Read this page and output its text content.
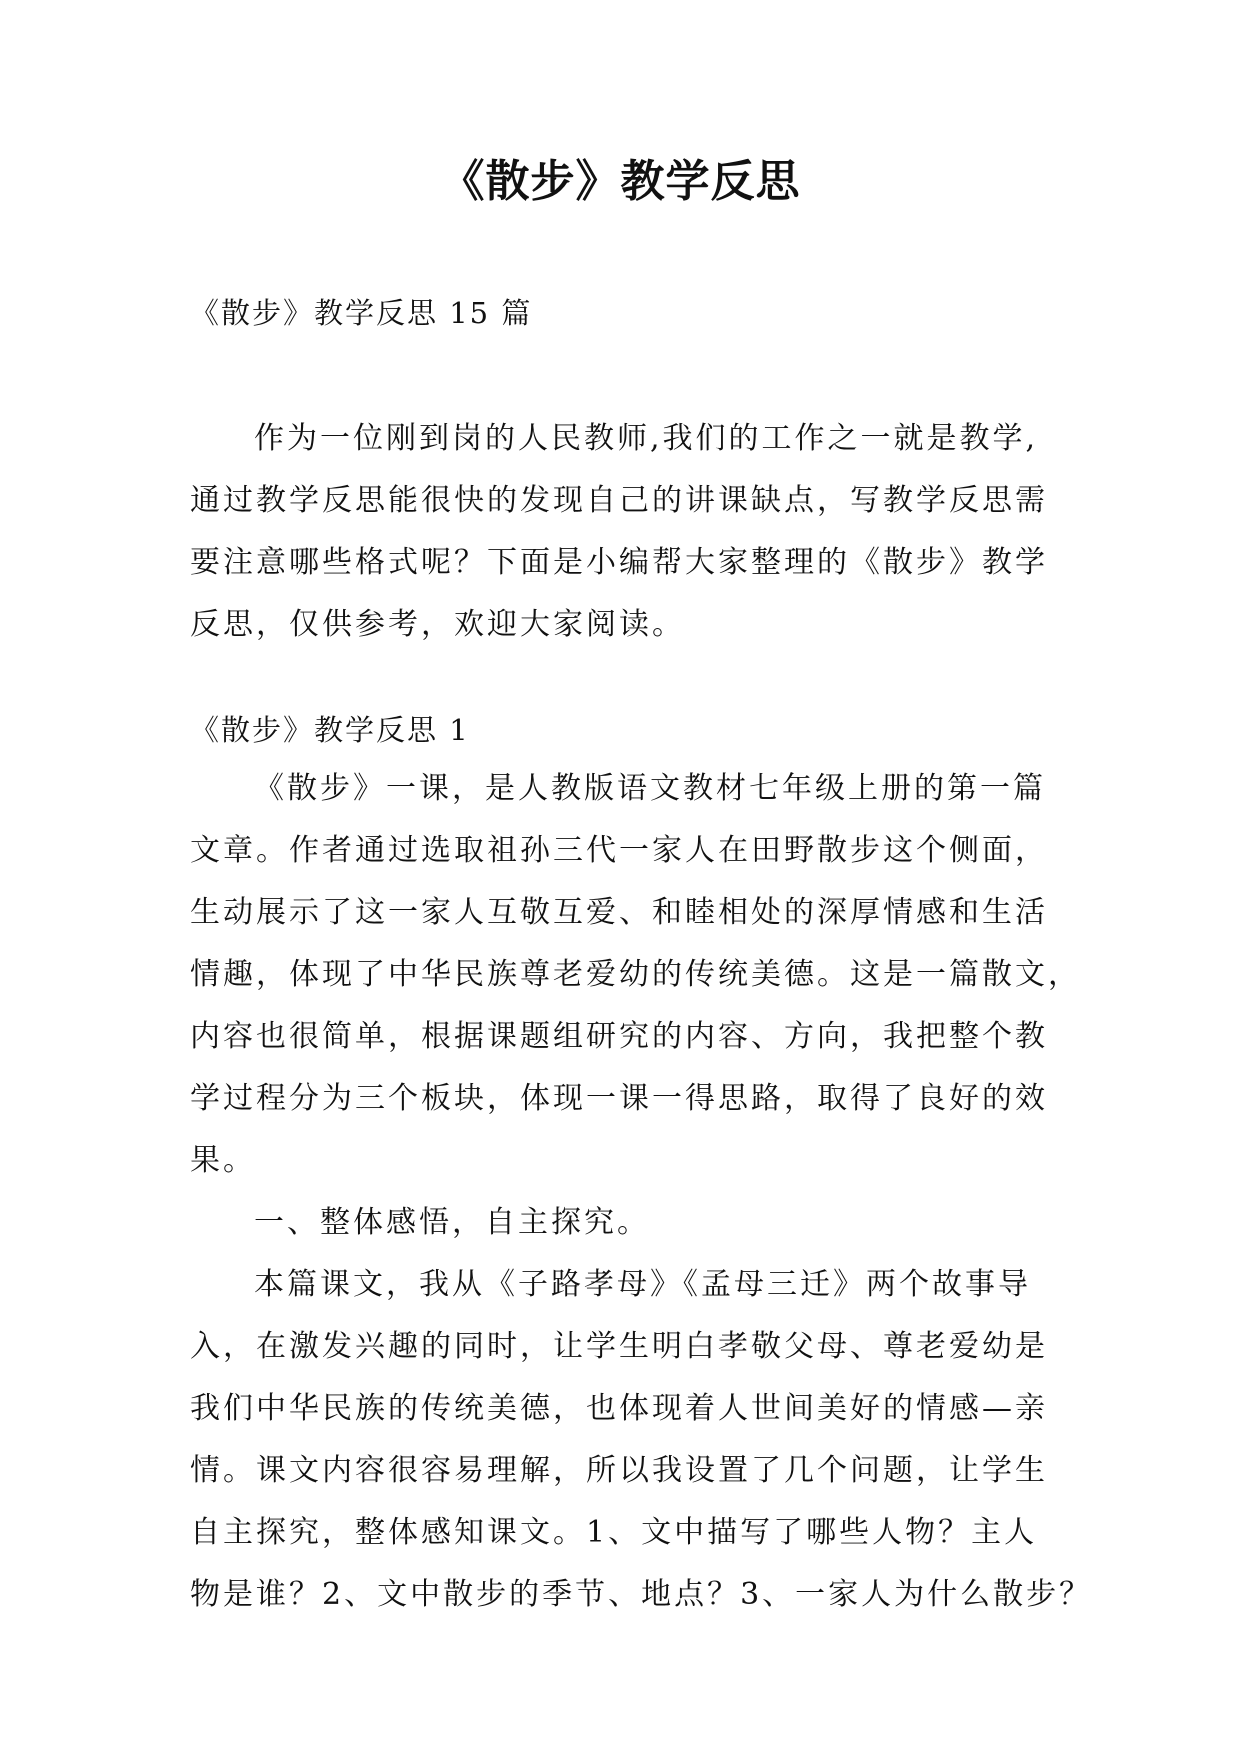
《散步》教学反思

《散步》教学反思 15 篇

作为一位刚到岗的人民教师,我们的工作之一就是教学,
通过教学反思能很快的发现自己的讲课缺点，写教学反思需
要注意哪些格式呢？下面是小编帮大家整理的《散步》教学
反思，仅供参考，欢迎大家阅读。

《散步》教学反思 1

《散步》一课，是人教版语文教材七年级上册的第一篇
文章。作者通过选取祖孙三代一家人在田野散步这个侧面，
生动展示了这一家人互敬互爱、和睦相处的深厚情感和生活
情趣，体现了中华民族尊老爱幼的传统美德。这是一篇散文，
内容也很简单，根据课题组研究的内容、方向，我把整个教
学过程分为三个板块，体现一课一得思路，取得了良好的效
果。
一、整体感悟，自主探究。
本篇课文，我从《子路孝母》《孟母三迁》两个故事导
入，在激发兴趣的同时，让学生明白孝敬父母、尊老爱幼是
我们中华民族的传统美德，也体现着人世间美好的情感—亲
情。课文内容很容易理解，所以我设置了几个问题，让学生
自主探究，整体感知课文。1、文中描写了哪些人物？主人
物是谁？2、文中散步的季节、地点？3、一家人为什么散步？
